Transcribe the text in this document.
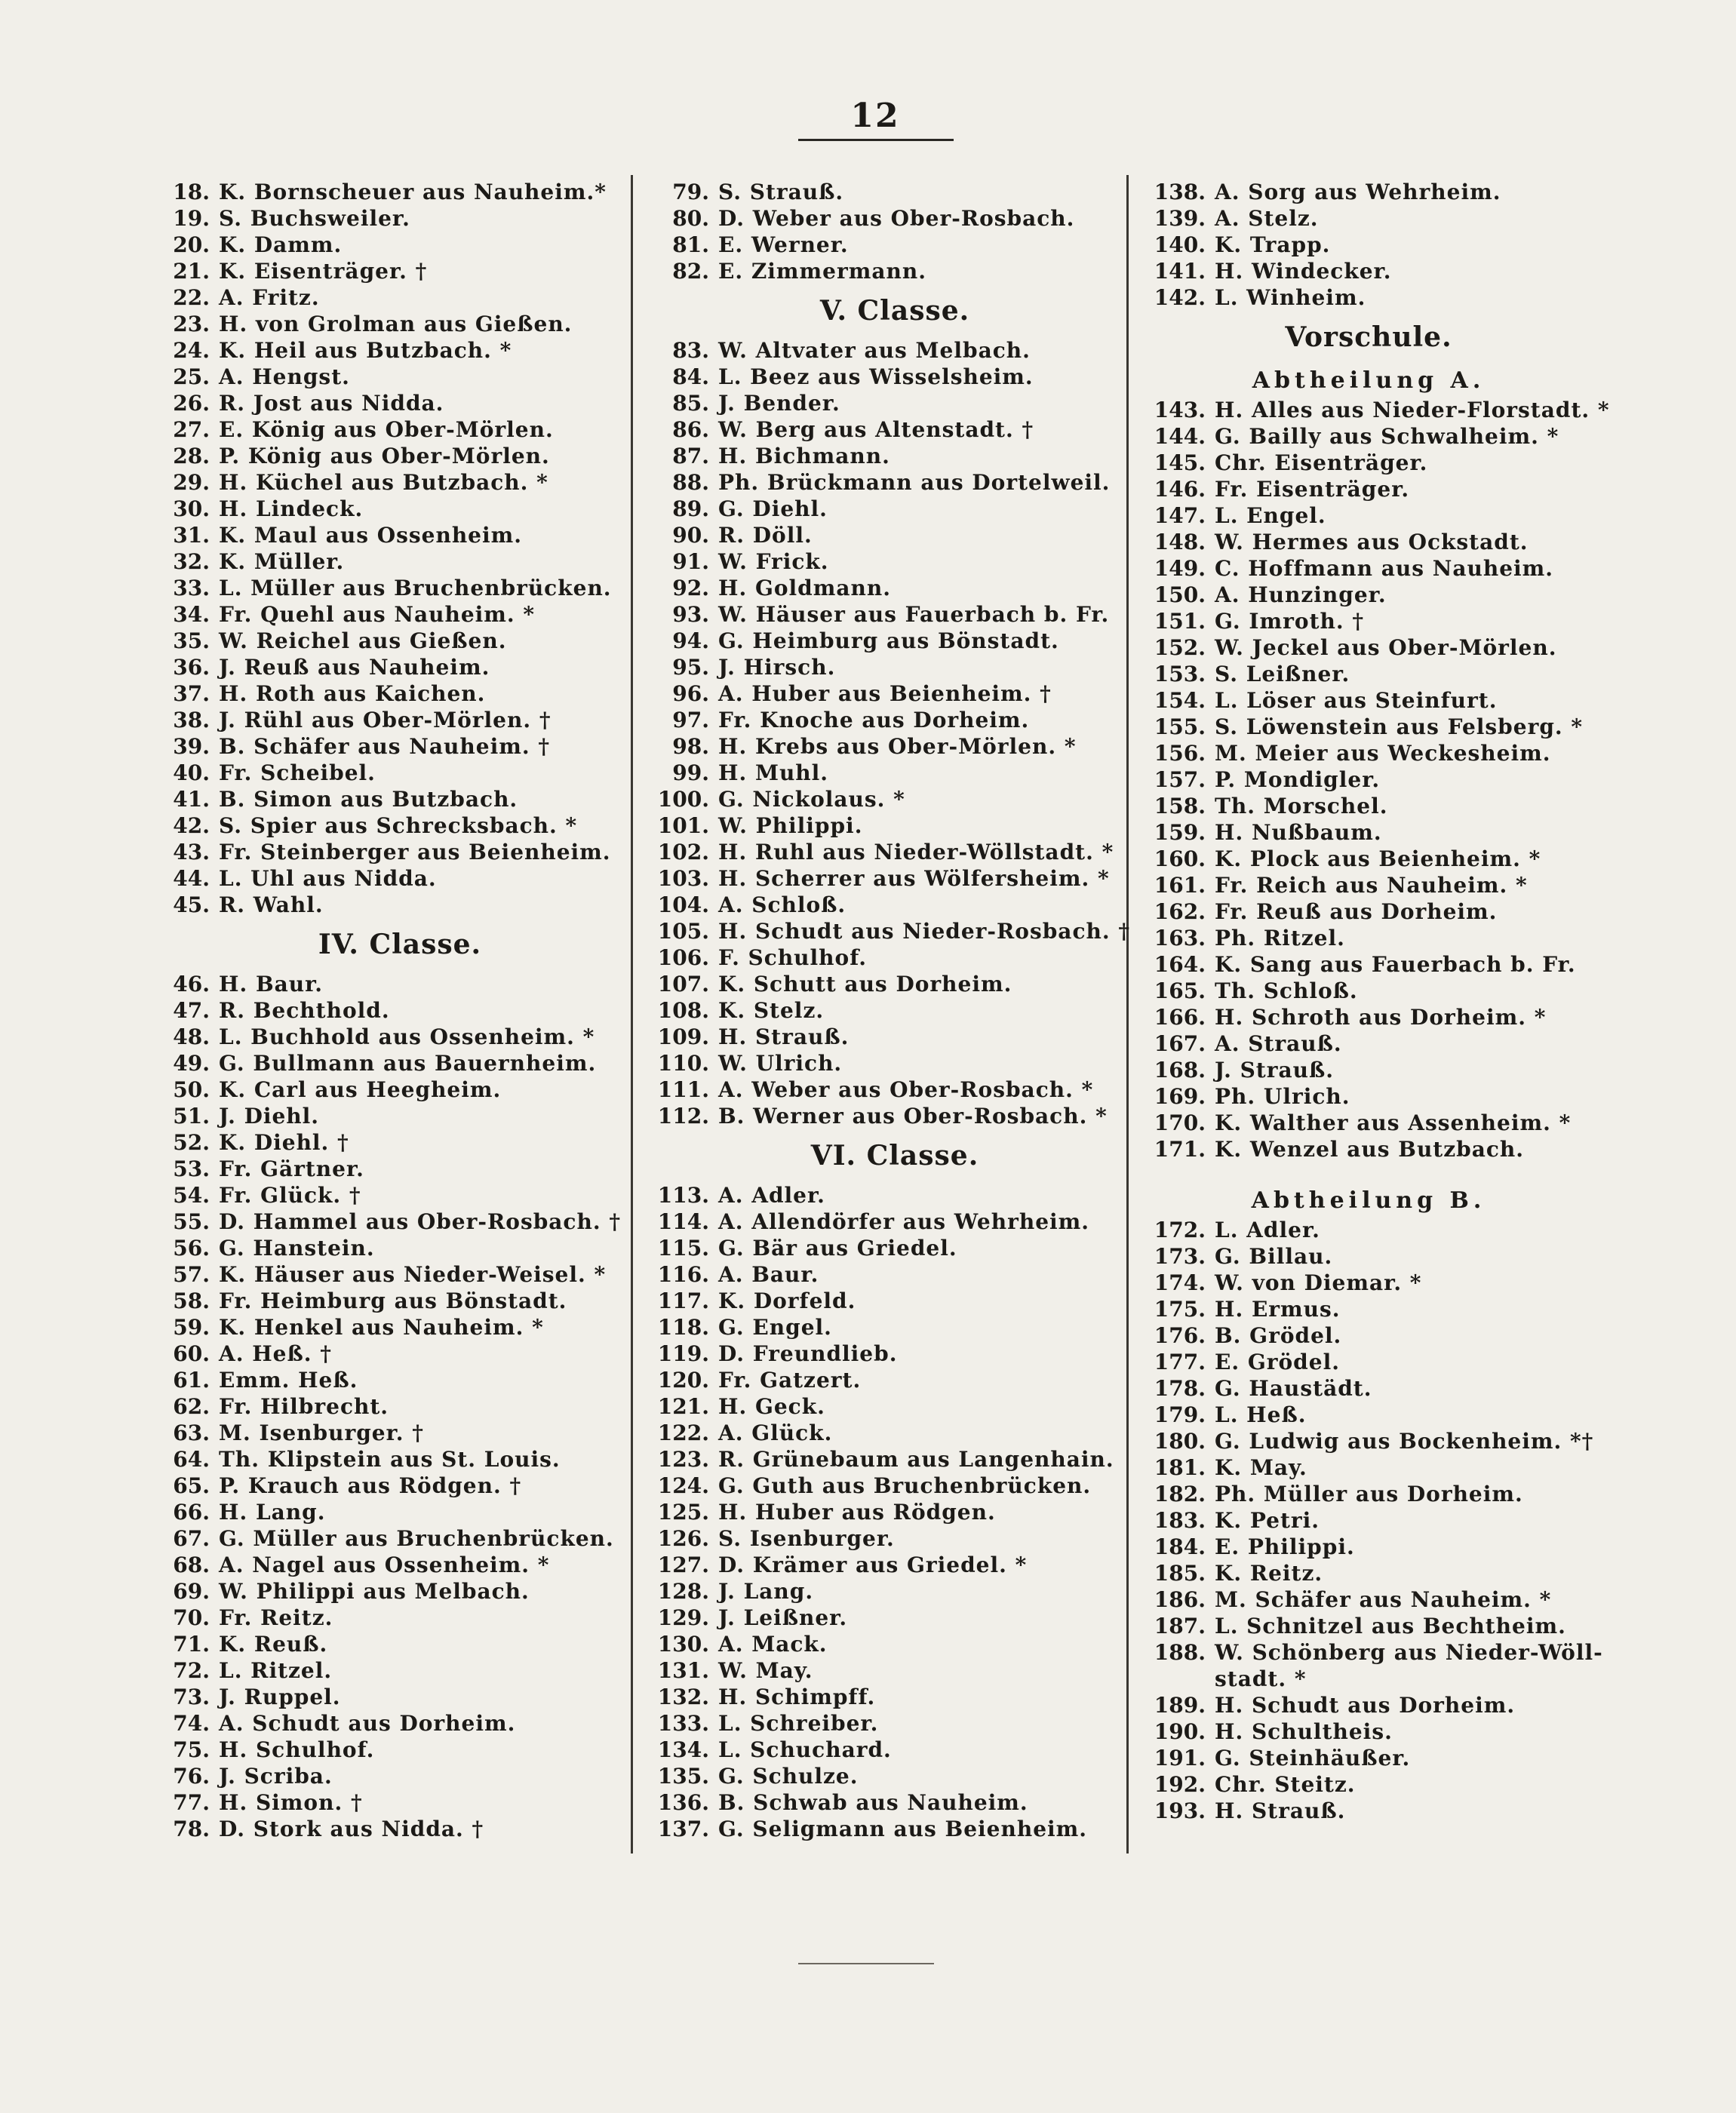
12
18. K. Bornscheuer aus Nauheim.*
19. S. Buchsweiler.
20. K. Damm.
21. K. Eisenträger. †
22. A. Fritz.
23. H. von Grolman aus Gießen.
24. K. Heil aus Butzbach. *
25. A. Hengst.
26. R. Jost aus Nidda.
27. E. König aus Ober-Mörlen.
28. P. König aus Ober-Mörlen.
29. H. Küchel aus Butzbach. *
30. H. Lindeck.
31. K. Maul aus Ossenheim.
32. K. Müller.
33. L. Müller aus Bruchenbrücken.
34. Fr. Quehl aus Nauheim. *
35. W. Reichel aus Gießen.
36. J. Reuß aus Nauheim.
37. H. Roth aus Kaichen.
38. J. Rühl aus Ober-Mörlen. †
39. B. Schäfer aus Nauheim. †
40. Fr. Scheibel.
41. B. Simon aus Butzbach.
42. S. Spier aus Schrecksbach. *
43. Fr. Steinberger aus Beienheim.
44. L. Uhl aus Nidda.
45. R. Wahl.
IV. Classe.
46. H. Baur.
47. R. Bechthold.
48. L. Buchhold aus Ossenheim. *
49. G. Bullmann aus Bauernheim.
50. K. Carl aus Heegheim.
51. J. Diehl.
52. K. Diehl. †
53. Fr. Gärtner.
54. Fr. Glück. †
55. D. Hammel aus Ober-Rosbach. †
56. G. Hanstein.
57. K. Häuser aus Nieder-Weisel. *
58. Fr. Heimburg aus Bönstadt.
59. K. Henkel aus Nauheim. *
60. A. Heß. †
61. Emm. Heß.
62. Fr. Hilbrecht.
63. M. Isenburger. †
64. Th. Klipstein aus St. Louis.
65. P. Krauch aus Rödgen. †
66. H. Lang.
67. G. Müller aus Bruchenbrücken.
68. A. Nagel aus Ossenheim. *
69. W. Philippi aus Melbach.
70. Fr. Reitz.
71. K. Reuß.
72. L. Ritzel.
73. J. Ruppel.
74. A. Schudt aus Dorheim.
75. H. Schulhof.
76. J. Scriba.
77. H. Simon. †
78. D. Stork aus Nidda. †
79. S. Strauß.
80. D. Weber aus Ober-Rosbach.
81. E. Werner.
82. E. Zimmermann.
V. Classe.
83. W. Altvater aus Melbach.
84. L. Beez aus Wisselsheim.
85. J. Bender.
86. W. Berg aus Altenstadt. †
87. H. Bichmann.
88. Ph. Brückmann aus Dortelweil.
89. G. Diehl.
90. R. Döll.
91. W. Frick.
92. H. Goldmann.
93. W. Häuser aus Fauerbach b. Fr.
94. G. Heimburg aus Bönstadt.
95. J. Hirsch.
96. A. Huber aus Beienheim. †
97. Fr. Knoche aus Dorheim.
98. H. Krebs aus Ober-Mörlen. *
99. H. Muhl.
100. G. Nickolaus. *
101. W. Philippi.
102. H. Ruhl aus Nieder-Wöllstadt. *
103. H. Scherrer aus Wölfersheim. *
104. A. Schloß.
105. H. Schudt aus Nieder-Rosbach. †
106. F. Schulhof.
107. K. Schutt aus Dorheim.
108. K. Stelz.
109. H. Strauß.
110. W. Ulrich.
111. A. Weber aus Ober-Rosbach. *
112. B. Werner aus Ober-Rosbach. *
VI. Classe.
113. A. Adler.
114. A. Allendörfer aus Wehrheim.
115. G. Bär aus Griedel.
116. A. Baur.
117. K. Dorfeld.
118. G. Engel.
119. D. Freundlieb.
120. Fr. Gatzert.
121. H. Geck.
122. A. Glück.
123. R. Grünebaum aus Langenhain.
124. G. Guth aus Bruchenbrücken.
125. H. Huber aus Rödgen.
126. S. Isenburger.
127. D. Krämer aus Griedel. *
128. J. Lang.
129. J. Leißner.
130. A. Mack.
131. W. May.
132. H. Schimpff.
133. L. Schreiber.
134. L. Schuchard.
135. G. Schulze.
136. B. Schwab aus Nauheim.
137. G. Seligmann aus Beienheim.
138. A. Sorg aus Wehrheim.
139. A. Stelz.
140. K. Trapp.
141. H. Windecker.
142. L. Winheim.
Vorschule.
Abtheilung A.
143. H. Alles aus Nieder-Florstadt. *
144. G. Bailly aus Schwalheim. *
145. Chr. Eisenträger.
146. Fr. Eisenträger.
147. L. Engel.
148. W. Hermes aus Ockstadt.
149. C. Hoffmann aus Nauheim.
150. A. Hunzinger.
151. G. Imroth. †
152. W. Jeckel aus Ober-Mörlen.
153. S. Leißner.
154. L. Löser aus Steinfurt.
155. S. Löwenstein aus Felsberg. *
156. M. Meier aus Weckesheim.
157. P. Mondigler.
158. Th. Morschel.
159. H. Nußbaum.
160. K. Plock aus Beienheim. *
161. Fr. Reich aus Nauheim. *
162. Fr. Reuß aus Dorheim.
163. Ph. Ritzel.
164. K. Sang aus Fauerbach b. Fr.
165. Th. Schloß.
166. H. Schroth aus Dorheim. *
167. A. Strauß.
168. J. Strauß.
169. Ph. Ulrich.
170. K. Walther aus Assenheim. *
171. K. Wenzel aus Butzbach.
Abtheilung B.
172. L. Adler.
173. G. Billau.
174. W. von Diemar. *
175. H. Ermus.
176. B. Grödel.
177. E. Grödel.
178. G. Haustädt.
179. L. Heß.
180. G. Ludwig aus Bockenheim. *†
181. K. May.
182. Ph. Müller aus Dorheim.
183. K. Petri.
184. E. Philippi.
185. K. Reitz.
186. M. Schäfer aus Nauheim. *
187. L. Schnitzel aus Bechtheim.
188. W. Schönberg aus Nieder-Wöll-
stadt. *
189. H. Schudt aus Dorheim.
190. H. Schultheis.
191. G. Steinhäußer.
192. Chr. Steitz.
193. H. Strauß.
